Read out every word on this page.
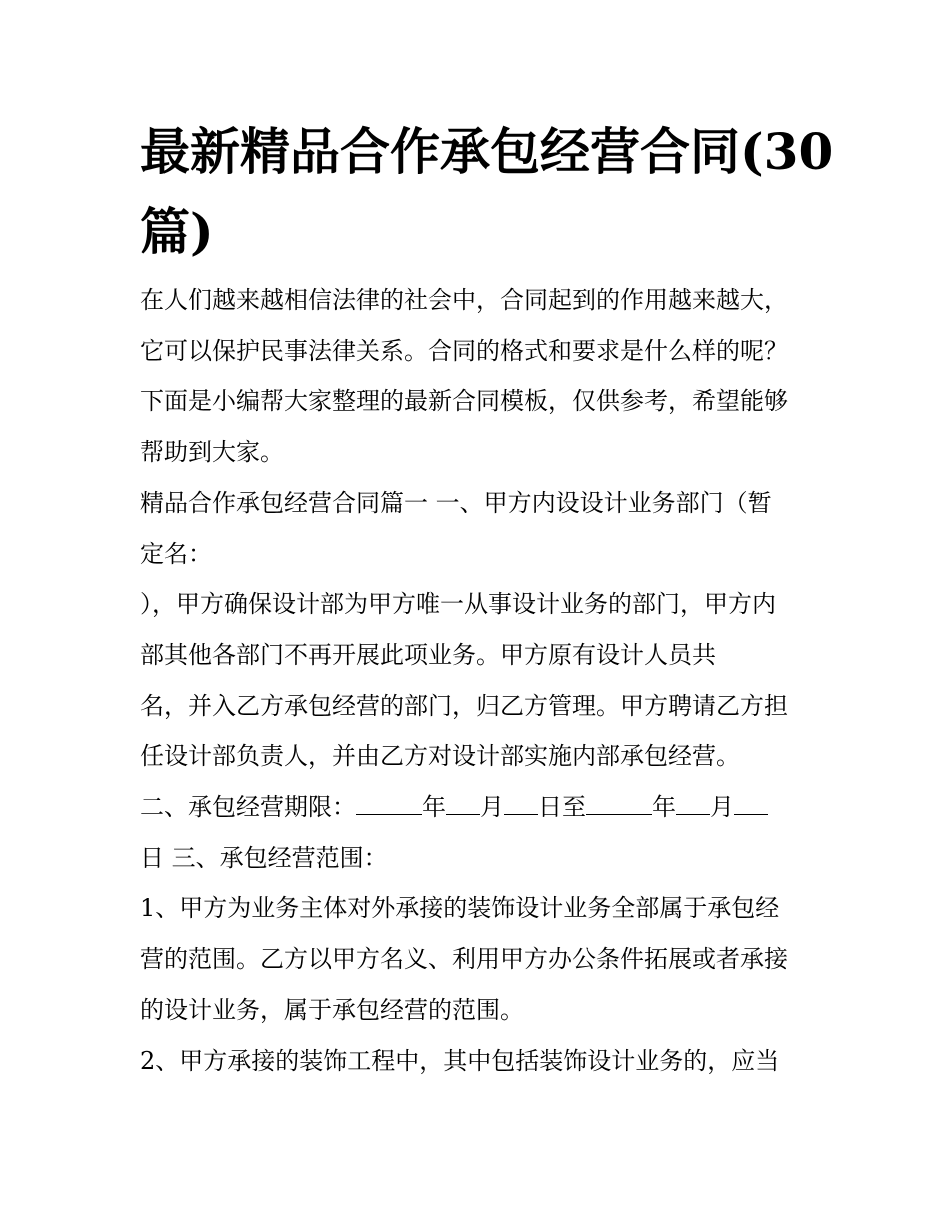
最新精品合作承包经营合同(30
篇)

在人们越来越相信法律的社会中，合同起到的作用越来越大，
它可以保护民事法律关系。合同的格式和要求是什么样的呢？
下面是小编帮大家整理的最新合同模板，仅供参考，希望能够
帮助到大家。

精品合作承包经营合同篇一 一、甲方内设设计业务部门（暂
定名：
），甲方确保设计部为甲方唯一从事设计业务的部门，甲方内
部其他各部门不再开展此项业务。甲方原有设计人员共
名，并入乙方承包经营的部门，归乙方管理。甲方聘请乙方担
任设计部负责人，并由乙方对设计部实施内部承包经营。

二、承包经营期限：	年 月 日至	年 月
日 三、承包经营范围：

1、甲方为业务主体对外承接的装饰设计业务全部属于承包经
营的范围。乙方以甲方名义、利用甲方办公条件拓展或者承接
的设计业务，属于承包经营的范围。

2、甲方承接的装饰工程中，其中包括装饰设计业务的，应当
